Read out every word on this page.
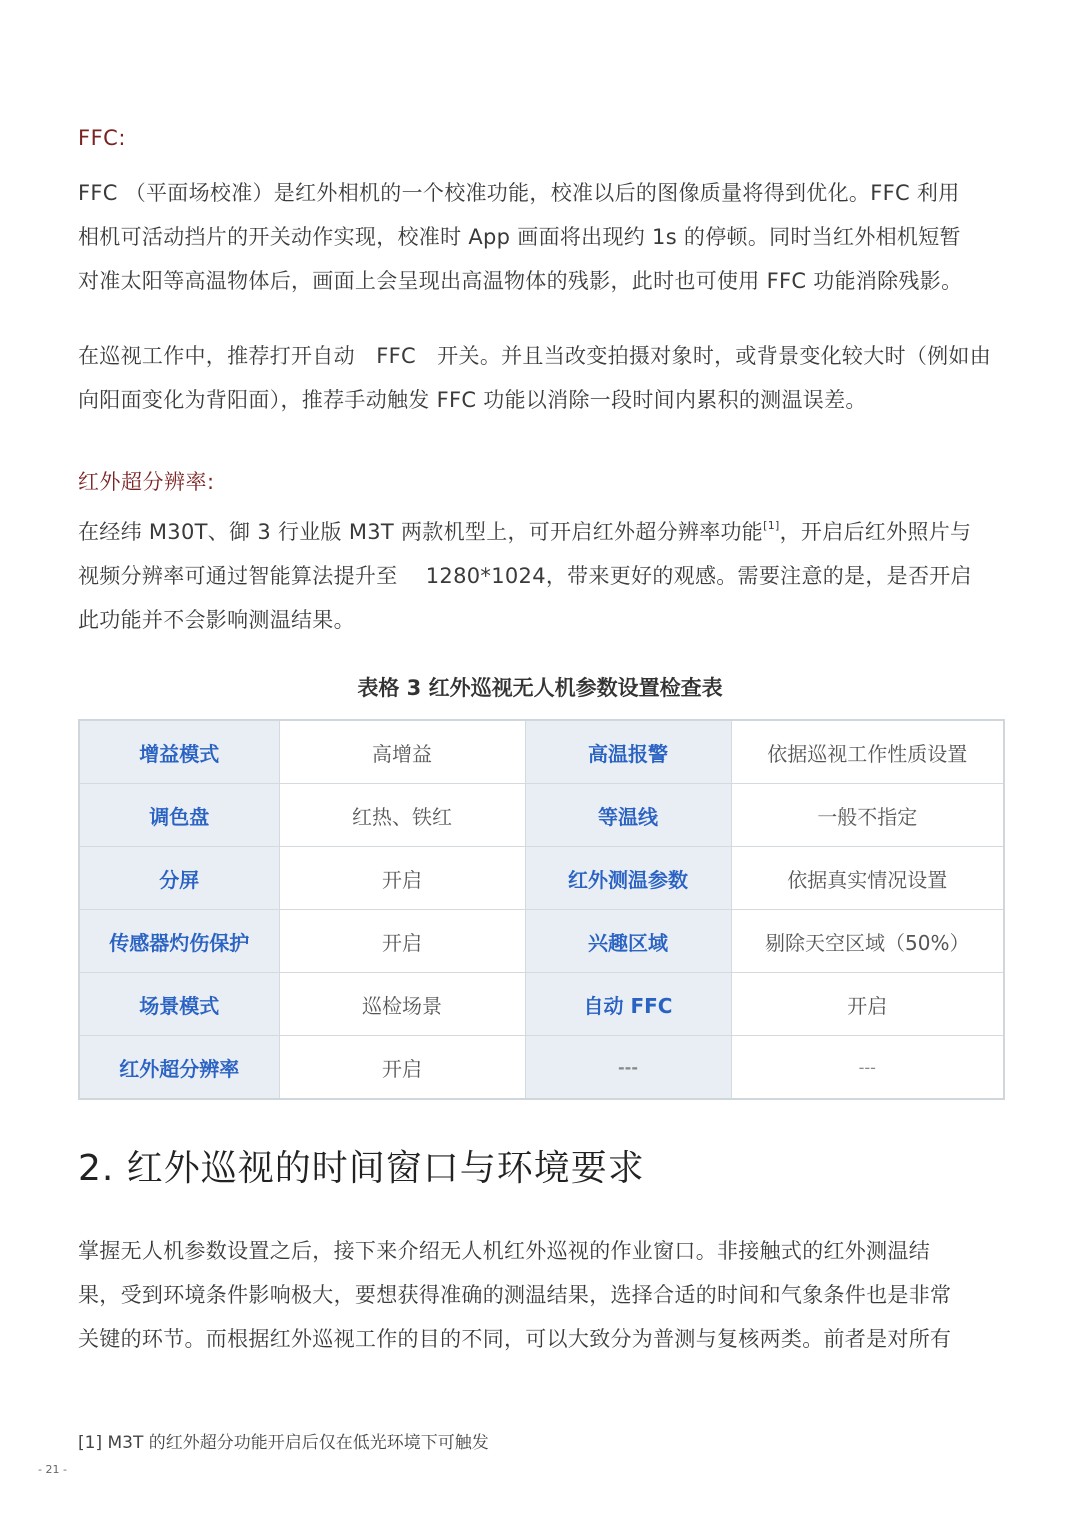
FFC:

FFC （平面场校准）是红外相机的一个校准功能，校准以后的图像质量将得到优化。FFC 利用
相机可活动挡片的开关动作实现，校准时 App 画面将出现约 1s 的停顿。同时当红外相机短暂
对准太阳等高温物体后，画面上会呈现出高温物体的残影，此时也可使用 FFC 功能消除残影。

在巡视工作中，推荐打开自动　FFC　开关。并且当改变拍摄对象时，或背景变化较大时（例如由
向阳面变化为背阳面），推荐手动触发 FFC 功能以消除一段时间内累积的测温误差。

红外超分辨率:

在经纬 M30T、御 3 行业版 M3T 两款机型上，可开启红外超分辨率功能[1]，开启后红外照片与
视频分辨率可通过智能算法提升至　 1280*1024，带来更好的观感。需要注意的是，是否开启
此功能并不会影响测温结果。

表格 3 红外巡视无人机参数设置检查表

增益模式	高增益	高温报警	依据巡视工作性质设置
调色盘	红热、铁红	等温线	一般不指定
分屏	开启	红外测温参数	依据真实情况设置
传感器灼伤保护	开启	兴趣区域	剔除天空区域（50%）
场景模式	巡检场景	自动 FFC	开启
红外超分辨率	开启	---	---
2. 红外巡视的时间窗口与环境要求

掌握无人机参数设置之后，接下来介绍无人机红外巡视的作业窗口。非接触式的红外测温结
果，受到环境条件影响极大，要想获得准确的测温结果，选择合适的时间和气象条件也是非常
关键的环节。而根据红外巡视工作的目的不同，可以大致分为普测与复核两类。前者是对所有

[1] M3T 的红外超分功能开启后仅在低光环境下可触发

- 21 -
